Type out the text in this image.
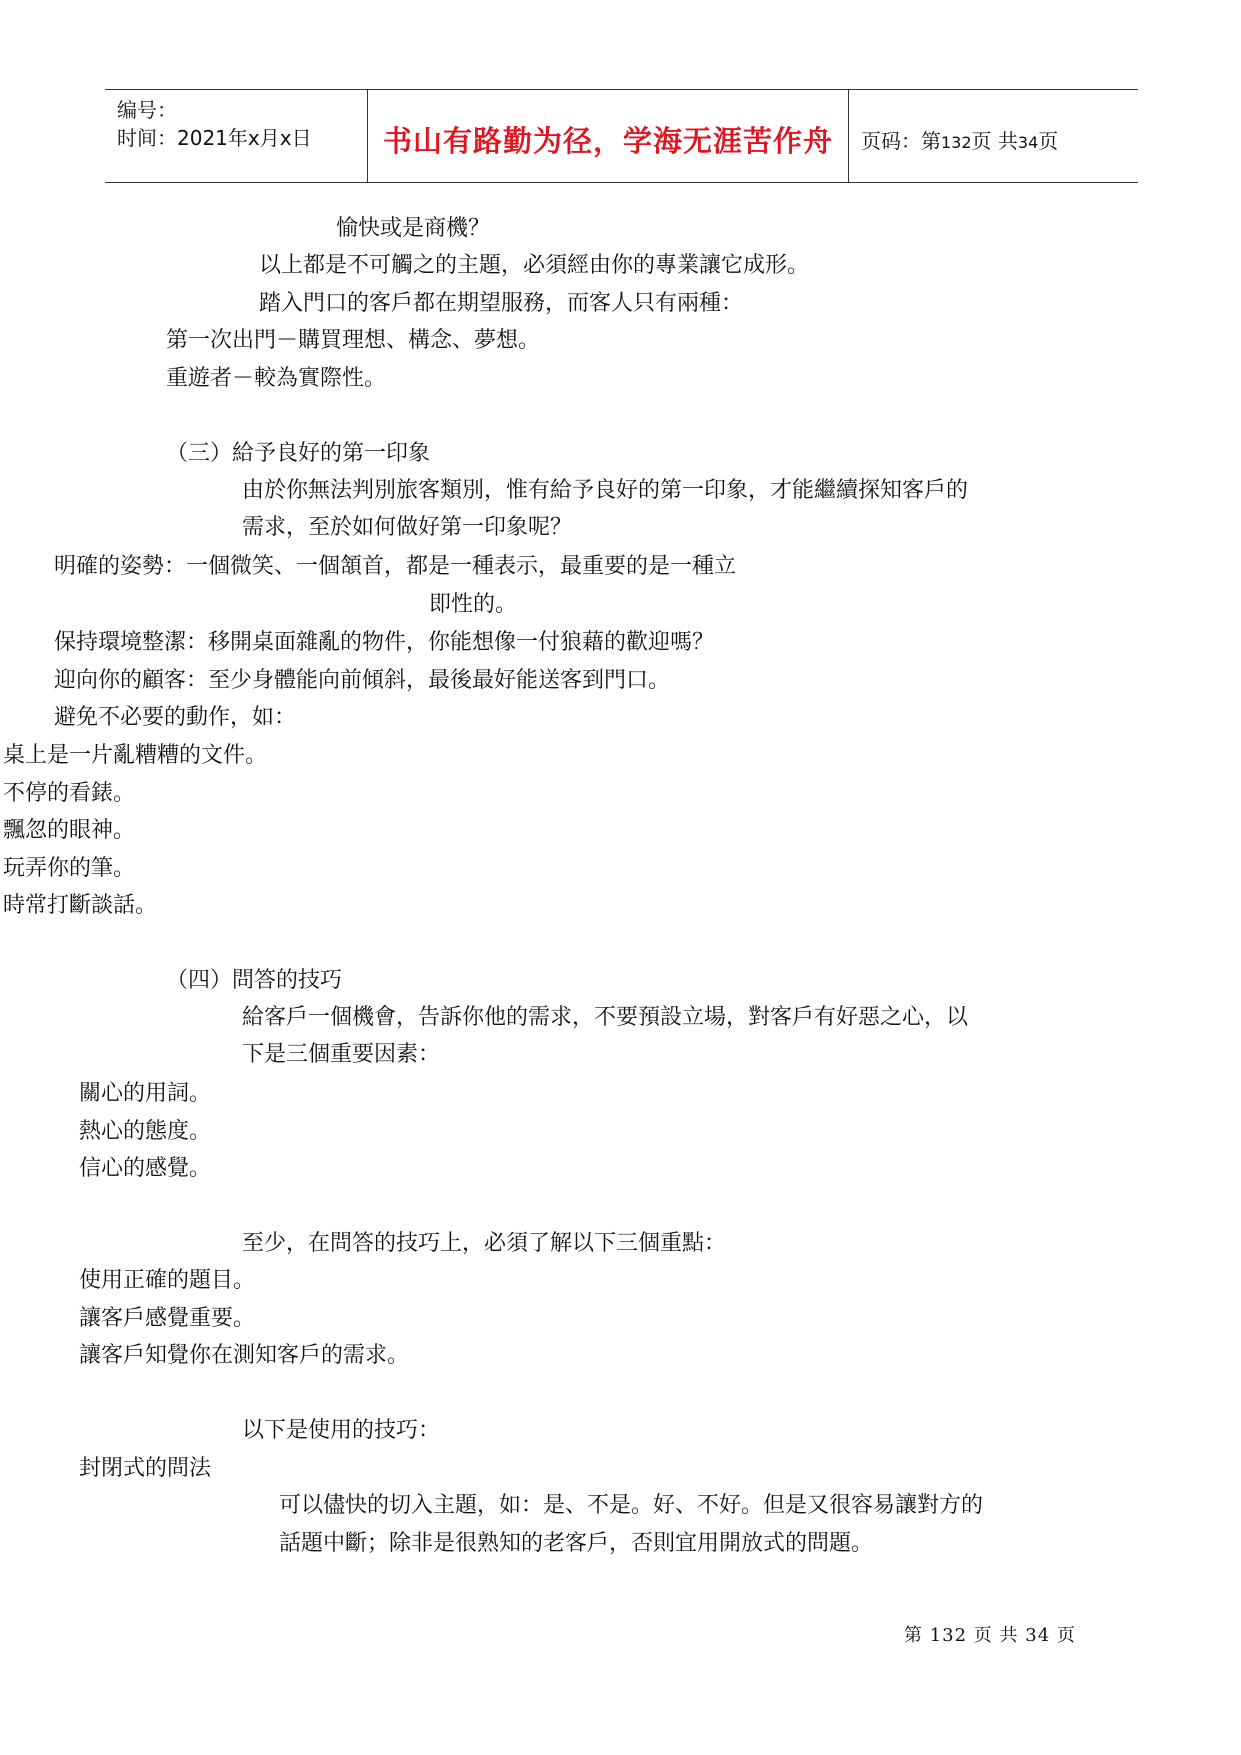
编号：
时间：2021年x月x日	书山有路勤为径，学海无涯苦作舟	页码：第132页 共34页
愉快或是商機？
以上都是不可觸之的主題，必須經由你的專業讓它成形。
踏入門口的客戶都在期望服務，而客人只有兩種：
第一次出門－購買理想、構念、夢想。
重遊者－較為實際性。
（三）給予良好的第一印象
由於你無法判別旅客類別，惟有給予良好的第一印象，才能繼續探知客戶的
需求，至於如何做好第一印象呢？
明確的姿勢：一個微笑、一個頷首，都是一種表示，最重要的是一種立
即性的。
保持環境整潔：移開桌面雜亂的物件，你能想像一付狼藉的歡迎嗎？
迎向你的顧客：至少身體能向前傾斜，最後最好能送客到門口。
避免不必要的動作，如：
桌上是一片亂糟糟的文件。
不停的看錶。
飄忽的眼神。
玩弄你的筆。
時常打斷談話。
（四）問答的技巧
給客戶一個機會，告訴你他的需求，不要預設立場，對客戶有好惡之心，以
下是三個重要因素：
關心的用詞。
熱心的態度。
信心的感覺。
至少，在問答的技巧上，必須了解以下三個重點：
使用正確的題目。
讓客戶感覺重要。
讓客戶知覺你在測知客戶的需求。
以下是使用的技巧：
封閉式的問法
可以儘快的切入主題，如：是、不是。好、不好。但是又很容易讓對方的
話題中斷；除非是很熟知的老客戶，否則宜用開放式的問題。
第 132 页 共 34 页
